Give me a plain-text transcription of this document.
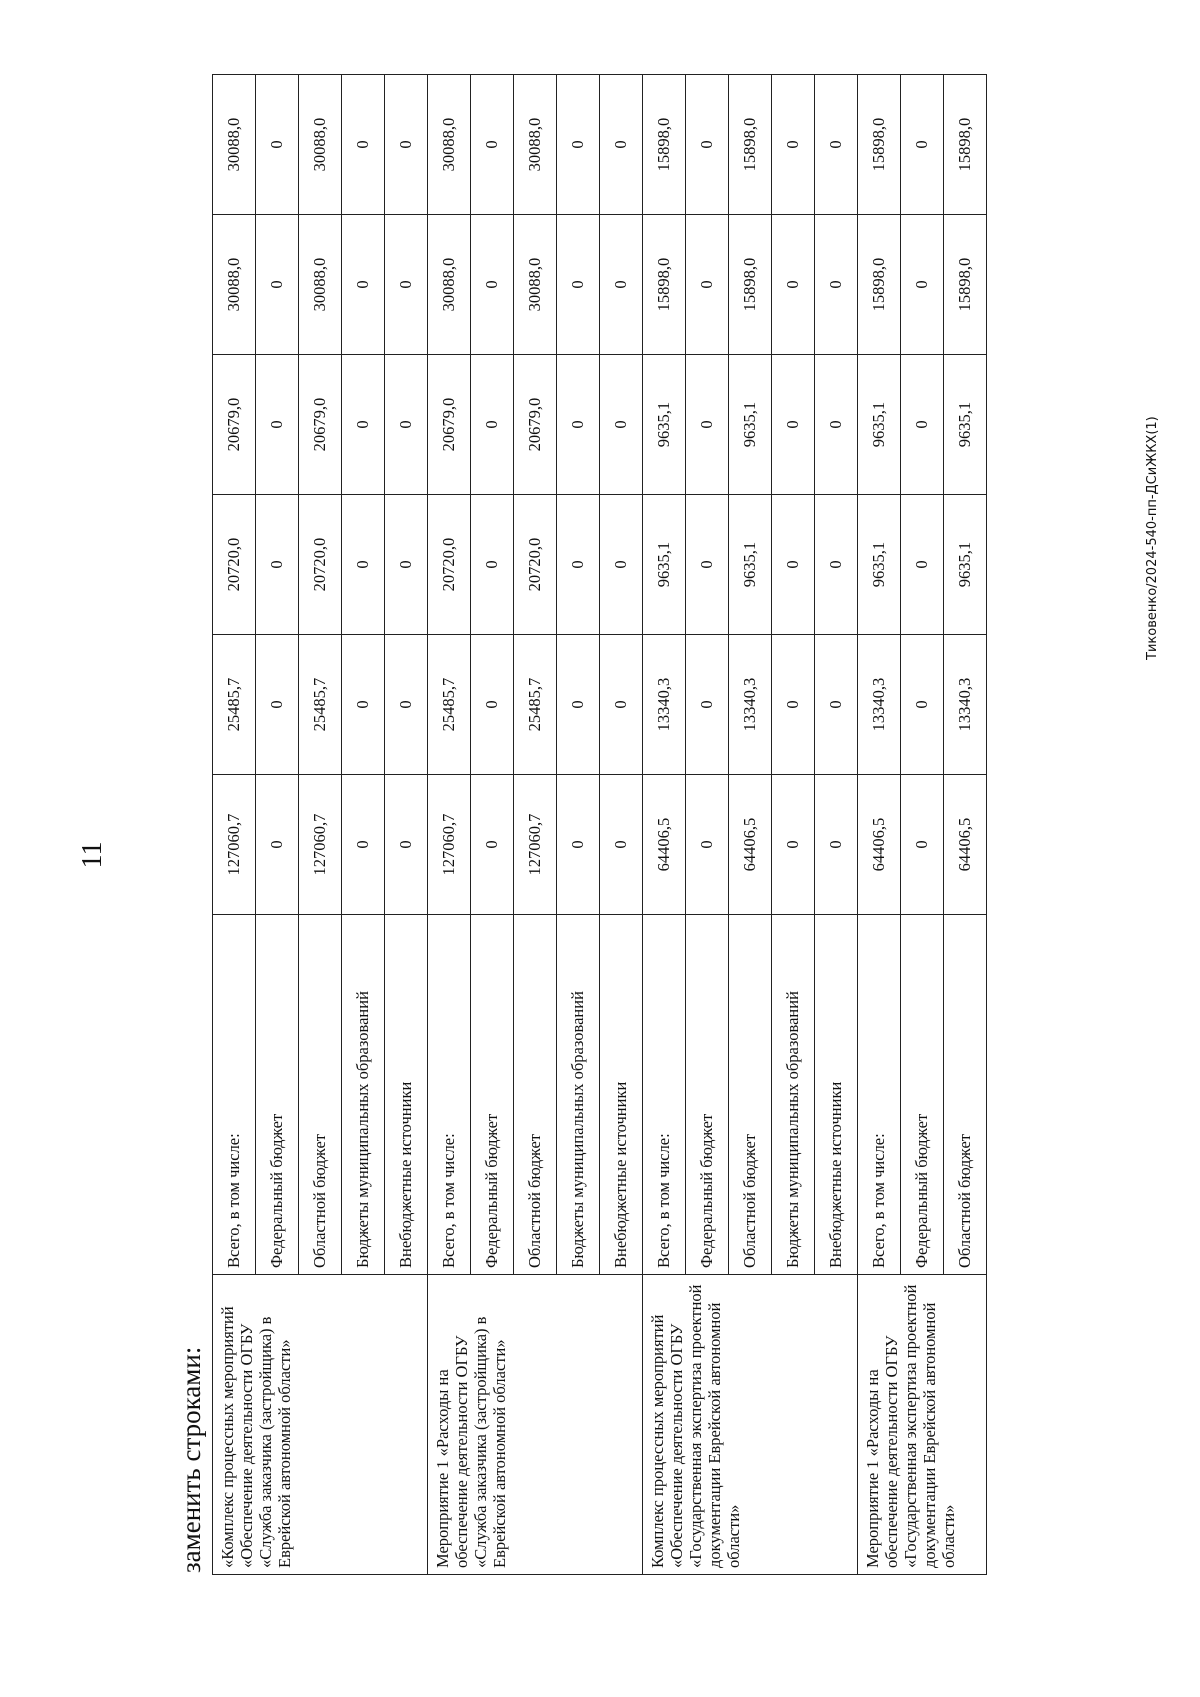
11
заменить строками: «Комплекс процессных мероприятий «Обеспечение деятельности ОГБУ «Служба заказчика (застройщика) в Еврейской автономной области»	Всего, в том числе:	127060,7	25485,7	20720,0	20679,0	30088,0	30088,0
	Федеральный бюджет	0	0	0	0	0	0
	Областной бюджет	127060,7	25485,7	20720,0	20679,0	30088,0	30088,0
	Бюджеты муниципальных образований	0	0	0	0	0	0
	Внебюджетные источники	0	0	0	0	0	0
Мероприятие 1 «Расходы на обеспечение деятельности ОГБУ «Служба заказчика (застройщика) в Еврейской автономной области»	Всего, в том числе:	127060,7	25485,7	20720,0	20679,0	30088,0	30088,0
	Федеральный бюджет	0	0	0	0	0	0
	Областной бюджет	127060,7	25485,7	20720,0	20679,0	30088,0	30088,0
	Бюджеты муниципальных образований	0	0	0	0	0	0
	Внебюджетные источники	0	0	0	0	0	0
Комплекс процессных мероприятий «Обеспечение деятельности ОГБУ «Государственная экспертиза проектной документации Еврейской автономной области»	Всего, в том числе:	64406,5	13340,3	9635,1	9635,1	15898,0	15898,0
	Федеральный бюджет	0	0	0	0	0	0
	Областной бюджет	64406,5	13340,3	9635,1	9635,1	15898,0	15898,0
	Бюджеты муниципальных образований	0	0	0	0	0	0
	Внебюджетные источники	0	0	0	0	0	0
Мероприятие 1 «Расходы на обеспечение деятельности ОГБУ «Государственная экспертиза проектной документации Еврейской автономной области»	Всего, в том числе:	64406,5	13340,3	9635,1	9635,1	15898,0	15898,0
	Федеральный бюджет	0	0	0	0	0	0
	Областной бюджет	64406,5	13340,3	9635,1	9635,1	15898,0	15898,0
Тиковенко/2024-540-пп-ДСиЖКХ(1)
